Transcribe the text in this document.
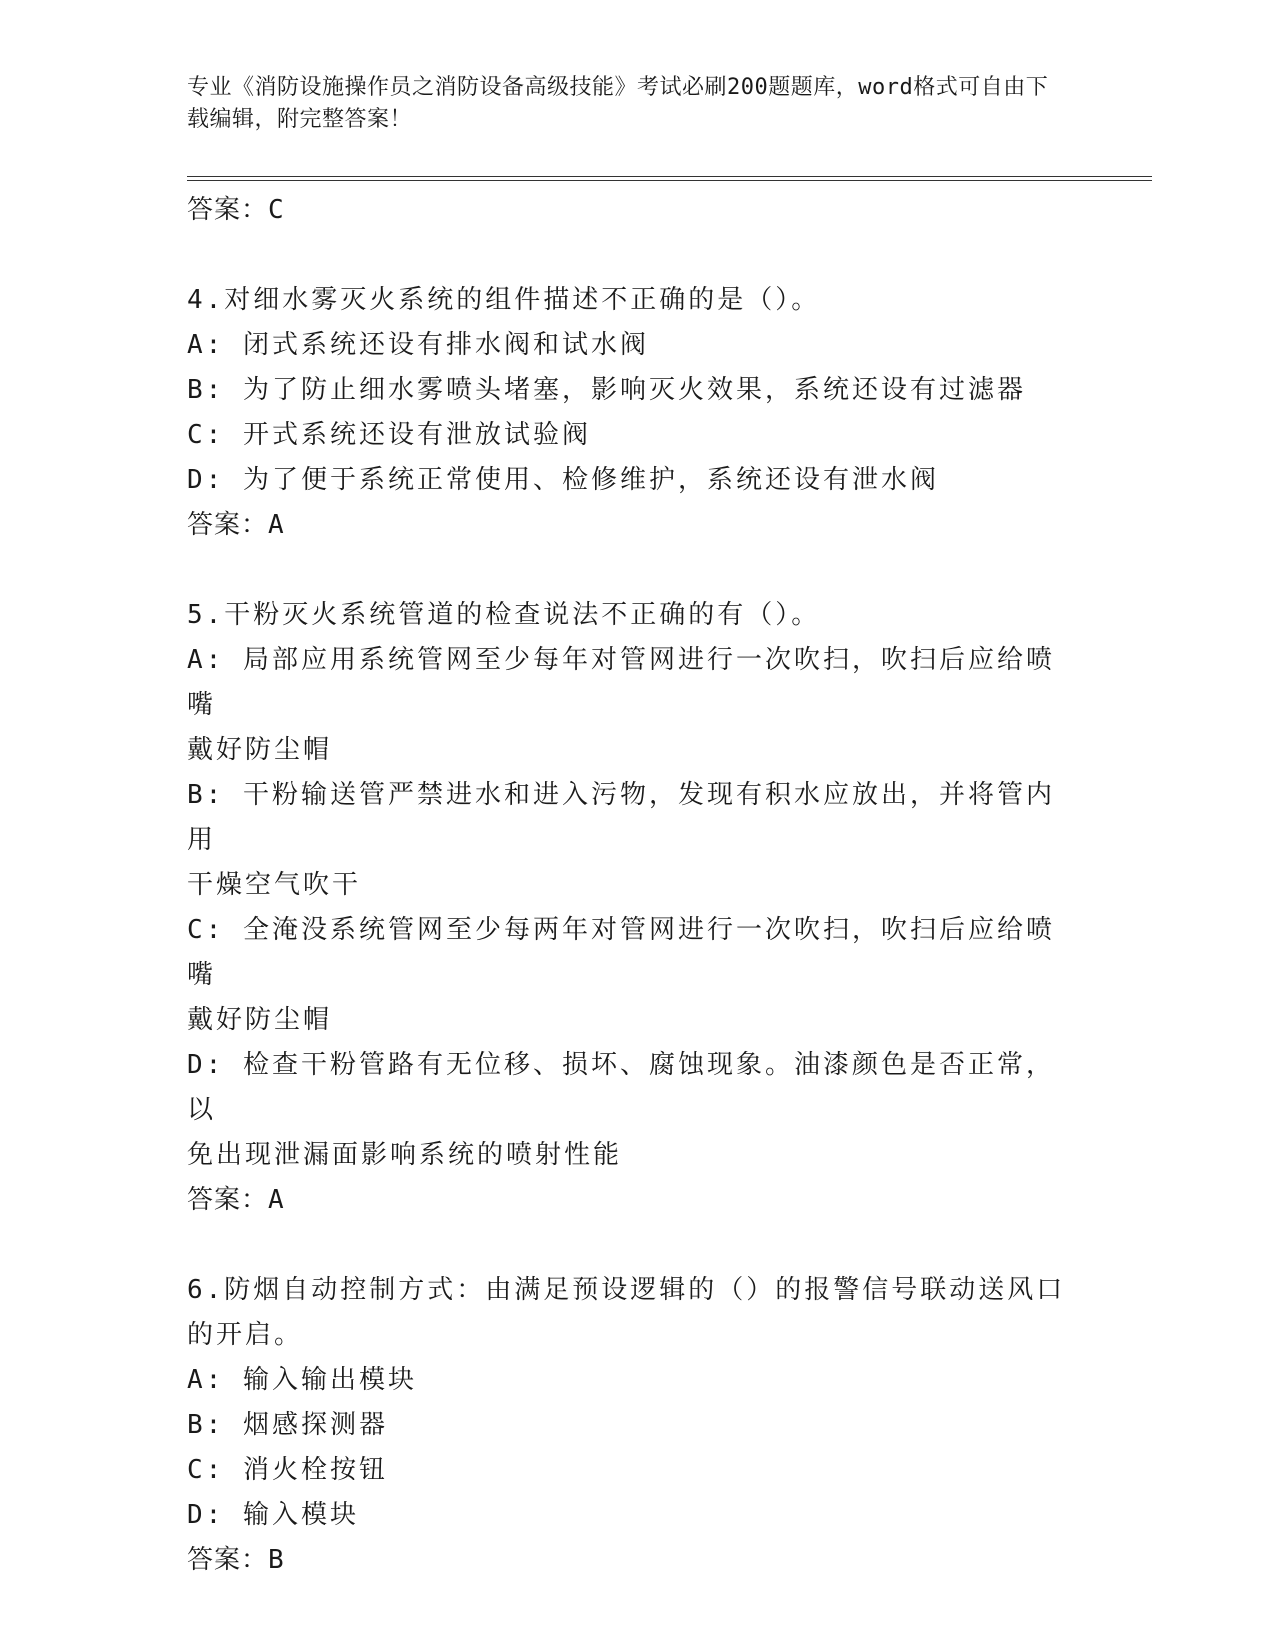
专业《消防设施操作员之消防设备高级技能》考试必刷200题题库，word格式可自由下载编辑，附完整答案！

答案：C

4.对细水雾灭火系统的组件描述不正确的是（）。

A: 闭式系统还设有排水阀和试水阀

B: 为了防止细水雾喷头堵塞，影响灭火效果，系统还设有过滤器

C: 开式系统还设有泄放试验阀

D: 为了便于系统正常使用、检修维护，系统还设有泄水阀

答案：A

5.干粉灭火系统管道的检查说法不正确的有（）。

A: 局部应用系统管网至少每年对管网进行一次吹扫，吹扫后应给喷嘴

戴好防尘帽

B: 干粉输送管严禁进水和进入污物，发现有积水应放出，并将管内用

干燥空气吹干

C: 全淹没系统管网至少每两年对管网进行一次吹扫，吹扫后应给喷嘴

戴好防尘帽

D: 检查干粉管路有无位移、损坏、腐蚀现象。油漆颜色是否正常，以

免出现泄漏面影响系统的喷射性能

答案：A

6.防烟自动控制方式：由满足预设逻辑的（）的报警信号联动送风口

的开启。

A: 输入输出模块

B: 烟感探测器

C: 消火栓按钮

D: 输入模块

答案：B
